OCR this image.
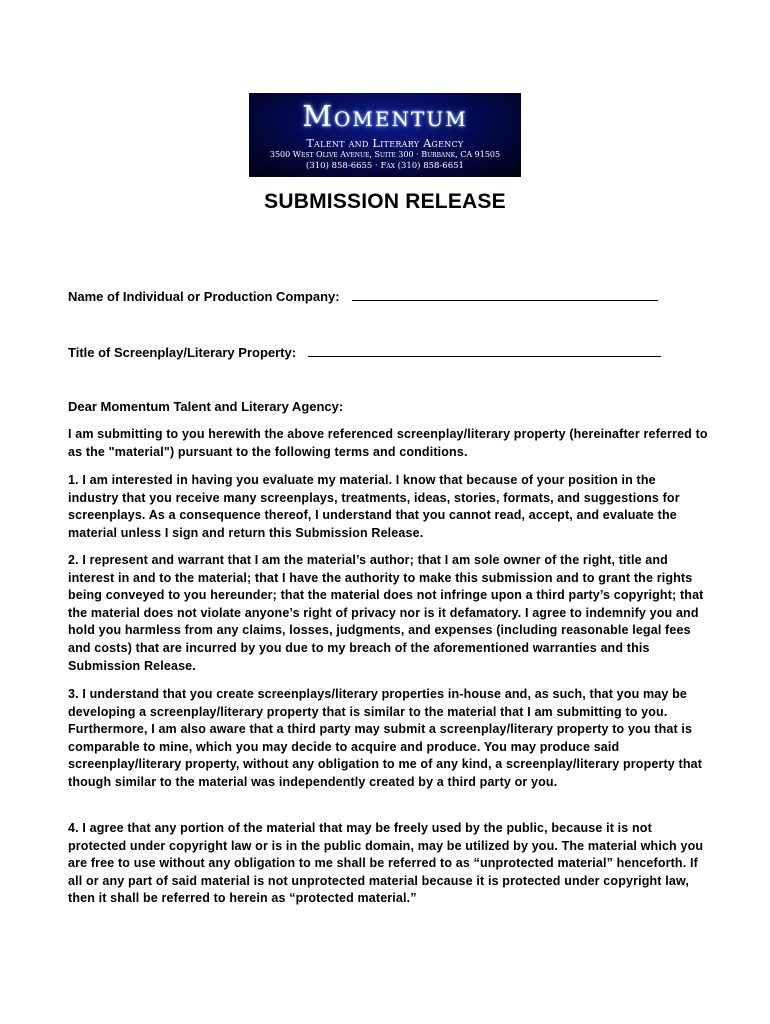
Momentum
Talent and Literary Agency
3500 West Olive Avenue, Suite 300 · Burbank, CA 91505
(310) 858-6655 · Fax (310) 858-6651
SUBMISSION RELEASE
Name of Individual or Production Company:
Title of Screenplay/Literary Property:
Dear Momentum Talent and Literary Agency:
I am submitting to you herewith the above referenced screenplay/literary property (hereinafter referred to as the "material") pursuant to the following terms and conditions.
1. I am interested in having you evaluate my material. I know that because of your position in the industry that you receive many screenplays, treatments, ideas, stories, formats, and suggestions for screenplays. As a consequence thereof, I understand that you cannot read, accept, and evaluate the material unless I sign and return this Submission Release.
2. I represent and warrant that I am the material’s author; that I am sole owner of the right, title and interest in and to the material; that I have the authority to make this submission and to grant the rights being conveyed to you hereunder; that the material does not infringe upon a third party’s copyright; that the material does not violate anyone’s right of privacy nor is it defamatory. I agree to indemnify you and hold you harmless from any claims, losses, judgments, and expenses (including reasonable legal fees and costs) that are incurred by you due to my breach of the aforementioned warranties and this Submission Release.
3. I understand that you create screenplays/literary properties in-house and, as such, that you may be developing a screenplay/literary property that is similar to the material that I am submitting to you. Furthermore, I am also aware that a third party may submit a screenplay/literary property to you that is comparable to mine, which you may decide to acquire and produce. You may produce said screenplay/literary property, without any obligation to me of any kind, a screenplay/literary property that though similar to the material was independently created by a third party or you.
4. I agree that any portion of the material that may be freely used by the public, because it is not protected under copyright law or is in the public domain, may be utilized by you. The material which you are free to use without any obligation to me shall be referred to as “unprotected material” henceforth. If all or any part of said material is not unprotected material because it is protected under copyright law, then it shall be referred to herein as “protected material.”
